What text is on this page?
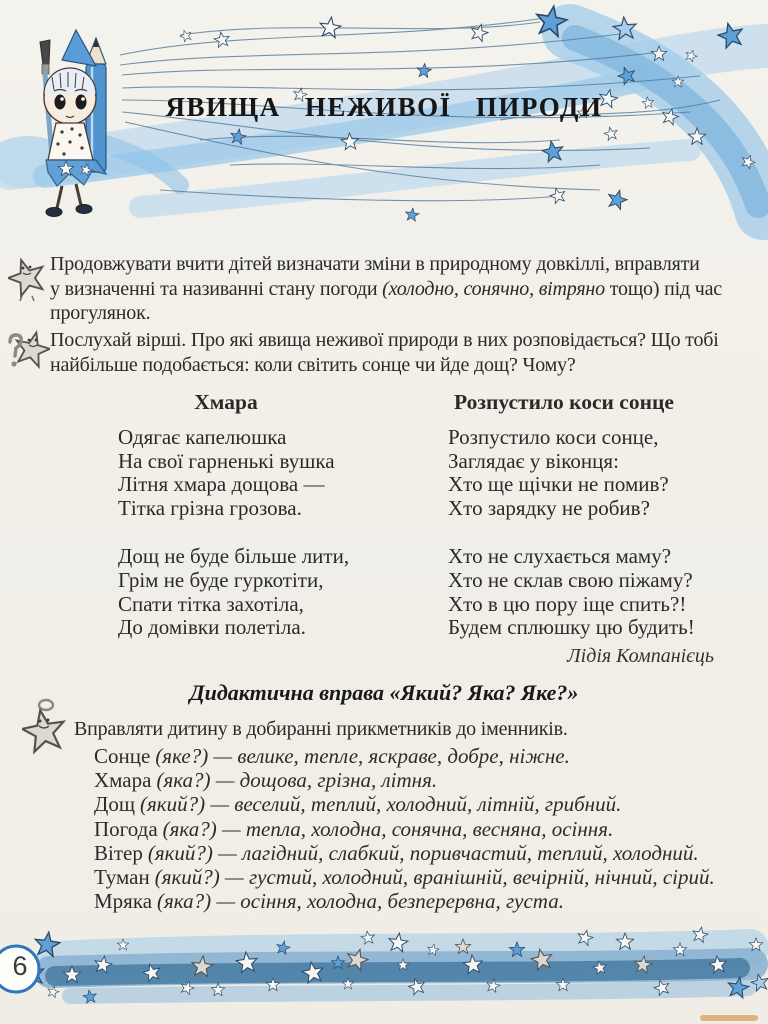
ЯВИЩА НЕЖИВОЇ ПИРОДИ
Продовжувати вчити дітей визначати зміни в природному довкіллі, вправляти
у визначенні та називанні стану погоди (холодно, сонячно, вітряно тощо) під час
прогулянок.
Послухай вірші. Про які явища неживої природи в них розповідається? Що тобі
найбільше подобається: коли світить сонце чи йде дощ? Чому?
Хмара
Одягає капелюшка
На свої гарненькі вушка
Літня хмара дощова —
Тітка грізна грозова.
Дощ не буде більше лити,
Грім не буде гуркотіти,
Спати тітка захотіла,
До домівки полетіла.
Розпустило коси сонце
Розпустило коси сонце,
Заглядає у віконця:
Хто ще щічки не помив?
Хто зарядку не робив?
Хто не слухається маму?
Хто не склав свою піжаму?
Хто в цю пору іще спить?!
Будем сплюшку цю будить!
Лідія Компанієць
Дидактична вправа «Який? Яка? Яке?»
Вправляти дитину в добиранні прикметників до іменників.
Сонце (яке?) — велике, тепле, яскраве, добре, ніжне.
Хмара (яка?) — дощова, грізна, літня.
Дощ (який?) — веселий, теплий, холодний, літній, грибний.
Погода (яка?) — тепла, холодна, сонячна, весняна, осіння.
Вітер (який?) — лагідний, слабкий, поривчастий, теплий, холодний.
Туман (який?) — густий, холодний, вранішній, вечірній, нічний, сірий.
Мряка (яка?) — осіння, холодна, безперервна, густа.
6
